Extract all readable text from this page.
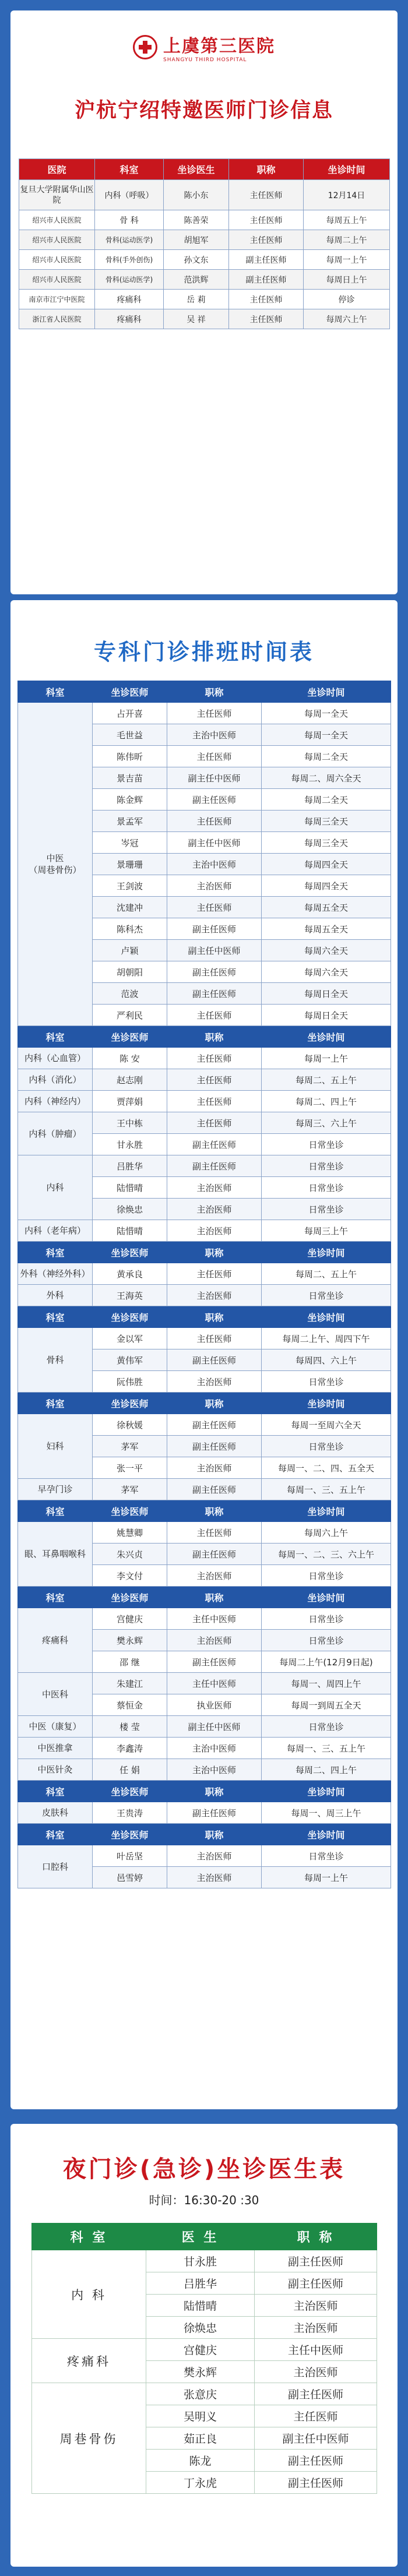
上虞第三医院
SHANGYU THIRD HOSPITAL
沪杭宁绍特邀医师门诊信息
医院	科室	坐诊医生	职称	坐诊时间
复旦大学附属华山医院	内科（呼吸）	陈小东	主任医师	12月14日
绍兴市人民医院	骨 科	陈善荣	主任医师	每周五上午
绍兴市人民医院	骨科(运动医学)	胡旭军	主任医师	每周二上午
绍兴市人民医院	骨科(手外创伤)	孙文东	副主任医师	每周一上午
绍兴市人民医院	骨科(运动医学)	范洪辉	副主任医师	每周日上午
南京市江宁中医院	疼痛科	岳 莉	主任医师	停诊
浙江省人民医院	疼痛科	吴 祥	主任医师	每周六上午
专科门诊排班时间表
科室	坐诊医师	职称	坐诊时间
中医
（周巷骨伤）	占开喜	主任医师	每周一全天
	毛世益	主治中医师	每周一全天
	陈伟昕	主任医师	每周二全天
	景吉苗	副主任中医师	每周二、周六全天
	陈金辉	副主任医师	每周二全天
	景孟军	主任医师	每周三全天
	岑冠	副主任中医师	每周三全天
	景珊珊	主治中医师	每周四全天
	王剑波	主治医师	每周四全天
	沈建冲	主任医师	每周五全天
	陈科杰	副主任医师	每周五全天
	卢颖	副主任中医师	每周六全天
	胡朝阳	副主任医师	每周六全天
	范波	副主任医师	每周日全天
	严利民	主任医师	每周日全天
科室	坐诊医师	职称	坐诊时间
内科（心血管）	陈 安	主任医师	每周一上午
内科（消化）	赵志刚	主任医师	每周二、五上午
内科（神经内）	贾萍娟	主任医师	每周二、四上午
内科（肿瘤）	王中栋	主任医师	每周三、六上午
	甘永胜	副主任医师	日常坐诊
内科	吕胜华	副主任医师	日常坐诊
	陆惜晴	主治医师	日常坐诊
	徐焕忠	主治医师	日常坐诊
内科（老年病）	陆惜晴	主治医师	每周三上午
科室	坐诊医师	职称	坐诊时间
外科（神经外科）	黄承良	主任医师	每周二、五上午
外科	王海英	主治医师	日常坐诊
科室	坐诊医师	职称	坐诊时间
骨科	金以军	主任医师	每周二上午、周四下午
	黄伟军	副主任医师	每周四、六上午
	阮伟胜	主治医师	日常坐诊
科室	坐诊医师	职称	坐诊时间
妇科	徐秋媛	副主任医师	每周一至周六全天
	茅军	副主任医师	日常坐诊
	张一平	主治医师	每周一、二、四、五全天
早孕门诊	茅军	副主任医师	每周一、三、五上午
科室	坐诊医师	职称	坐诊时间
眼、耳鼻咽喉科	姚慧卿	主任医师	每周六上午
	朱兴贞	副主任医师	每周一、二、三、六上午
	李文付	主治医师	日常坐诊
科室	坐诊医师	职称	坐诊时间
疼痛科	宫健庆	主任中医师	日常坐诊
	樊永辉	主治医师	日常坐诊
	邵 继	副主任医师	每周二上午(12月9日起)
中医科	朱建江	主任中医师	每周一、周四上午
	蔡恒金	执业医师	每周一到周五全天
中医（康复）	楼 莹	副主任中医师	日常坐诊
中医推拿	李鑫涛	主治中医师	每周一、三、五上午
中医针灸	任 娟	主治中医师	每周二、四上午
科室	坐诊医师	职称	坐诊时间
皮肤科	王贵涛	副主任医师	每周一、周三上午
科室	坐诊医师	职称	坐诊时间
口腔科	叶岳坚	主治医师	日常坐诊
	邑雪婷	主治医师	每周一上午
夜门诊(急诊)坐诊医生表
时间：16:30-20 :30
科 室	医 生	职 称
内 科	甘永胜	副主任医师
	吕胜华	副主任医师
	陆惜晴	主治医师
	徐焕忠	主治医师
疼痛科	宫健庆	主任中医师
	樊永辉	主治医师
周巷骨伤	张意庆	副主任医师
	吴明义	主任医师
	茹正良	副主任中医师
	陈龙	副主任医师
	丁永虎	副主任医师
